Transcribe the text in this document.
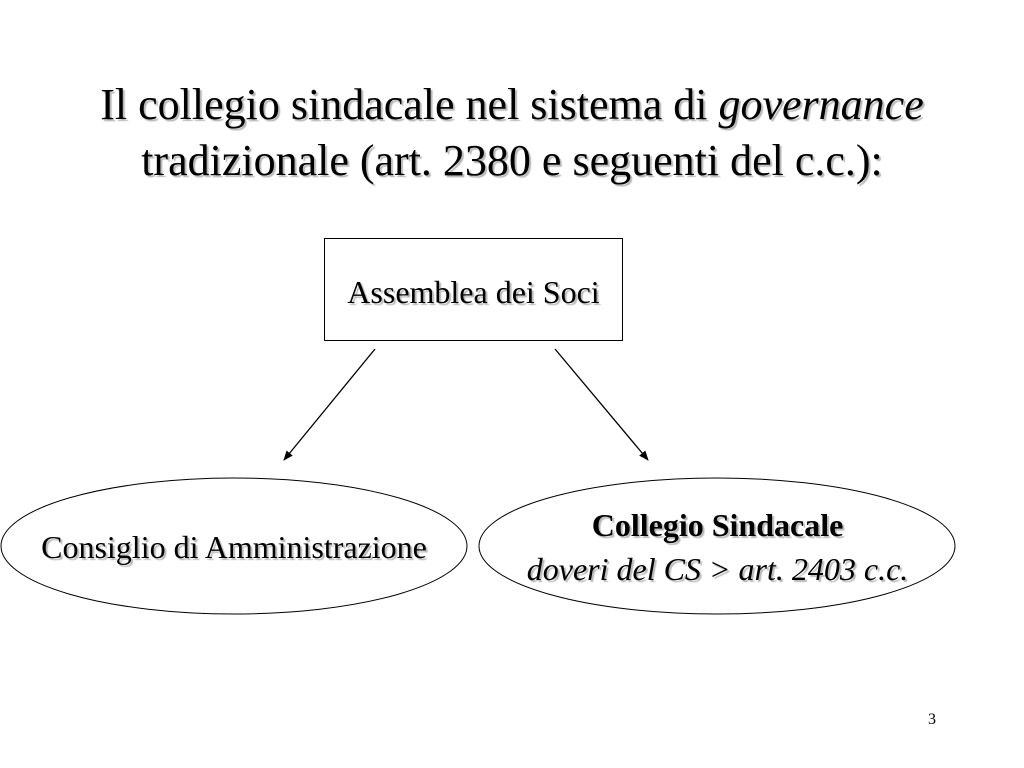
Il collegio sindacale nel sistema di governance
tradizionale (art. 2380 e seguenti del c.c.):
Assemblea dei Soci
Consiglio di Amministrazione
Collegio Sindacale
doveri del CS > art. 2403 c.c.
3
